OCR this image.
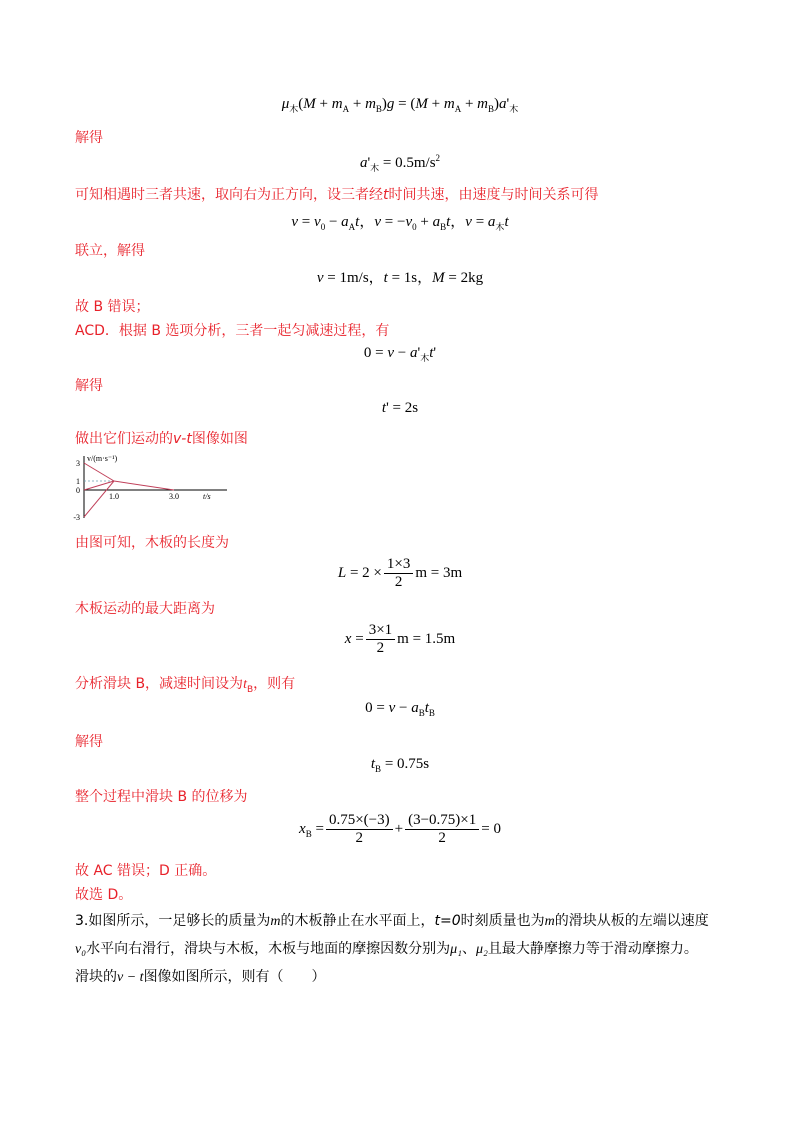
$\mu_木(M + m_A + m_B)g = (M + m_A + m_B)a'_木$
解得
$a'_木 = 0.5m/s^2$
可知相遇时三者共速，取向右为正方向，设三者经t时间共速，由速度与时间关系可得
$v = v_0 - a_At$，$v = -v_0 + a_Bt$，$v = a_木t$
联立，解得
v = 1m/s，t = 1s，M = 2kg
故 B 错误；
ACD．根据 B 选项分析，三者一起匀减速过程，有
$0 = v - a'_木t'$
解得
t' = 2s
做出它们运动的v-t图像如图
3
1
0
-3
1.0	3.0
v/(m·s⁻¹)
t/s
由图可知，木板的长度为
$L = 2 \times \frac{1\times 3}{2}$ m = 3m
木板运动的最大距离为
$x = \frac{3\times 1}{2}$ m = 1.5m
分析滑块 B，减速时间设为$t_B$，则有
$0 = v - a_Bt_B$
解得
$t_B = 0.75s$
整个过程中滑块 B 的位移为
$x_B = \frac{0.75\times(-3)}{2} + \frac{(3-0.75)\times 1}{2} = 0$
故 AC 错误；D 正确。
故选 D。
3.如图所示，一足够长的质量为m的木板静止在水平面上，t=0时刻质量也为m的滑块从板的左端以速度
v₀水平向右滑行，滑块与木板，木板与地面的摩擦因数分别为μ₁、μ₂且最大静摩擦力等于滑动摩擦力。
滑块的v − t图像如图所示，则有（　　）
